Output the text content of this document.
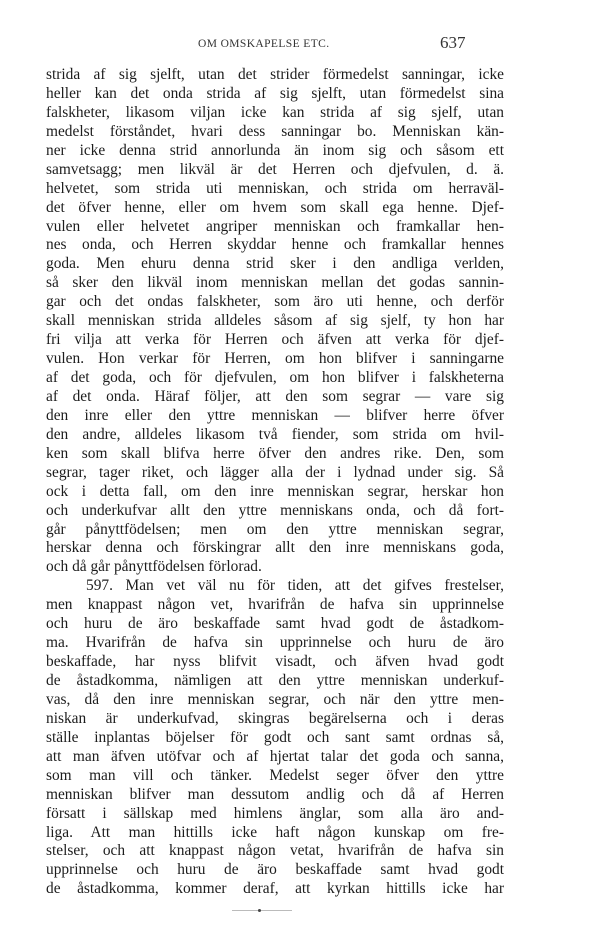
OM OMSKAPELSE ETC.	637
strida af sig sjelft, utan det strider förmedelst sanningar, icke
heller kan det onda strida af sig sjelft, utan förmedelst sina
falskheter, likasom viljan icke kan strida af sig sjelf, utan
medelst förståndet, hvari dess sanningar bo. Menniskan kän-
ner icke denna strid annorlunda än inom sig och såsom ett
samvetsagg; men likväl är det Herren och djefvulen, d. ä.
helvetet, som strida uti menniskan, och strida om herraväl-
det öfver henne, eller om hvem som skall ega henne. Djef-
vulen eller helvetet angriper menniskan och framkallar hen-
nes onda, och Herren skyddar henne och framkallar hennes
goda. Men ehuru denna strid sker i den andliga verlden,
så sker den likväl inom menniskan mellan det godas sannin-
gar och det ondas falskheter, som äro uti henne, och derför
skall menniskan strida alldeles såsom af sig sjelf, ty hon har
fri vilja att verka för Herren och äfven att verka för djef-
vulen. Hon verkar för Herren, om hon blifver i sanningarne
af det goda, och för djefvulen, om hon blifver i falskheterna
af det onda. Häraf följer, att den som segrar — vare sig
den inre eller den yttre menniskan — blifver herre öfver
den andre, alldeles likasom två fiender, som strida om hvil-
ken som skall blifva herre öfver den andres rike. Den, som
segrar, tager riket, och lägger alla der i lydnad under sig. Så
ock i detta fall, om den inre menniskan segrar, herskar hon
och underkufvar allt den yttre menniskans onda, och då fort-
går pånyttfödelsen; men om den yttre menniskan segrar,
herskar denna och förskingrar allt den inre menniskans goda,
och då går pånyttfödelsen förlorad.
597. Man vet väl nu för tiden, att det gifves frestelser,
men knappast någon vet, hvarifrån de hafva sin upprinnelse
och huru de äro beskaffade samt hvad godt de åstadkom-
ma. Hvarifrån de hafva sin upprinnelse och huru de äro
beskaffade, har nyss blifvit visadt, och äfven hvad godt
de åstadkomma, nämligen att den yttre menniskan underkuf-
vas, då den inre menniskan segrar, och när den yttre men-
niskan är underkufvad, skingras begärelserna och i deras
ställe inplantas böjelser för godt och sant samt ordnas så,
att man äfven utöfvar och af hjertat talar det goda och sanna,
som man vill och tänker. Medelst seger öfver den yttre
menniskan blifver man dessutom andlig och då af Herren
försatt i sällskap med himlens änglar, som alla äro and-
liga. Att man hittills icke haft någon kunskap om fre-
stelser, och att knappast någon vetat, hvarifrån de hafva sin
upprinnelse och huru de äro beskaffade samt hvad godt
de åstadkomma, kommer deraf, att kyrkan hittills icke har
